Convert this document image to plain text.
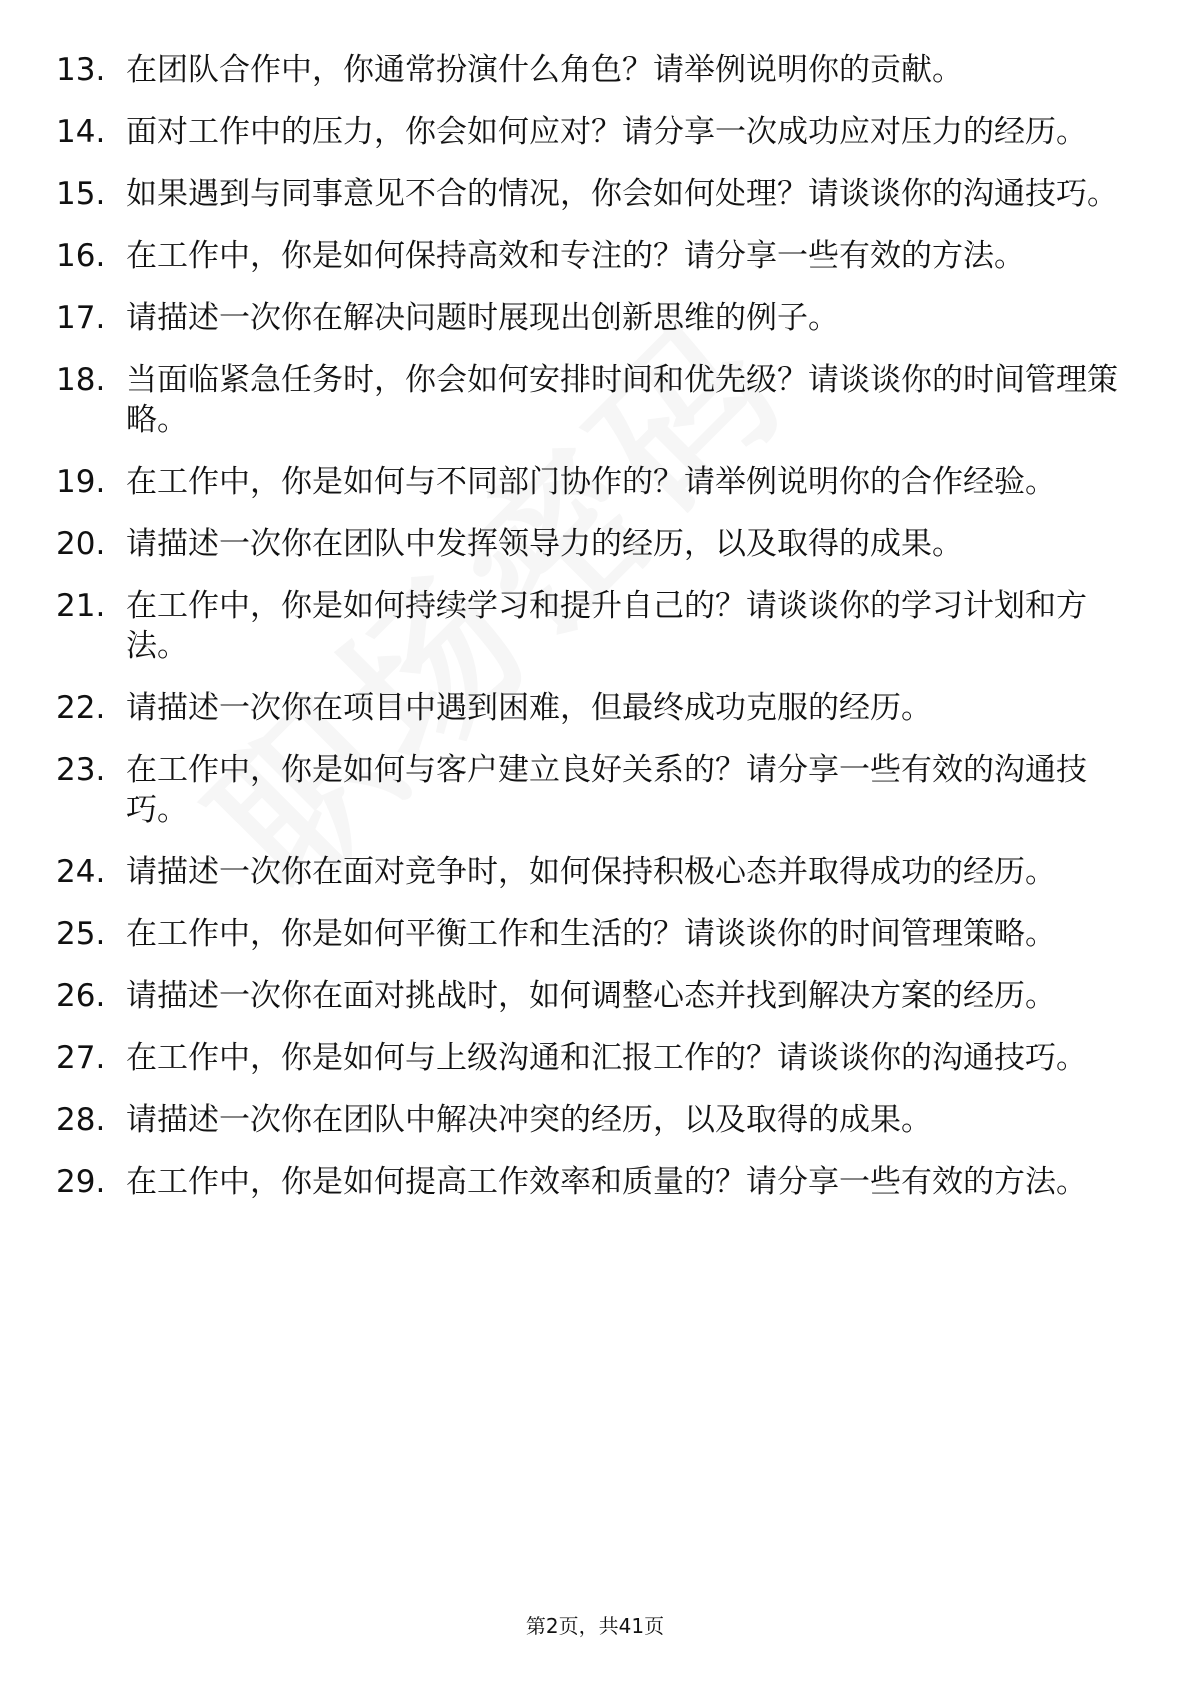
13. 在团队合作中，你通常扮演什么角色？请举例说明你的贡献。
14. 面对工作中的压力，你会如何应对？请分享一次成功应对压力的经历。
15. 如果遇到与同事意见不合的情况，你会如何处理？请谈谈你的沟通技巧。
16. 在工作中，你是如何保持高效和专注的？请分享一些有效的方法。
17. 请描述一次你在解决问题时展现出创新思维的例子。
18. 当面临紧急任务时，你会如何安排时间和优先级？请谈谈你的时间管理策略。
19. 在工作中，你是如何与不同部门协作的？请举例说明你的合作经验。
20. 请描述一次你在团队中发挥领导力的经历，以及取得的成果。
21. 在工作中，你是如何持续学习和提升自己的？请谈谈你的学习计划和方法。
22. 请描述一次你在项目中遇到困难，但最终成功克服的经历。
23. 在工作中，你是如何与客户建立良好关系的？请分享一些有效的沟通技巧。
24. 请描述一次你在面对竞争时，如何保持积极心态并取得成功的经历。
25. 在工作中，你是如何平衡工作和生活的？请谈谈你的时间管理策略。
26. 请描述一次你在面对挑战时，如何调整心态并找到解决方案的经历。
27. 在工作中，你是如何与上级沟通和汇报工作的？请谈谈你的沟通技巧。
28. 请描述一次你在团队中解决冲突的经历，以及取得的成果。
29. 在工作中，你是如何提高工作效率和质量的？请分享一些有效的方法。
第2页，共41页
